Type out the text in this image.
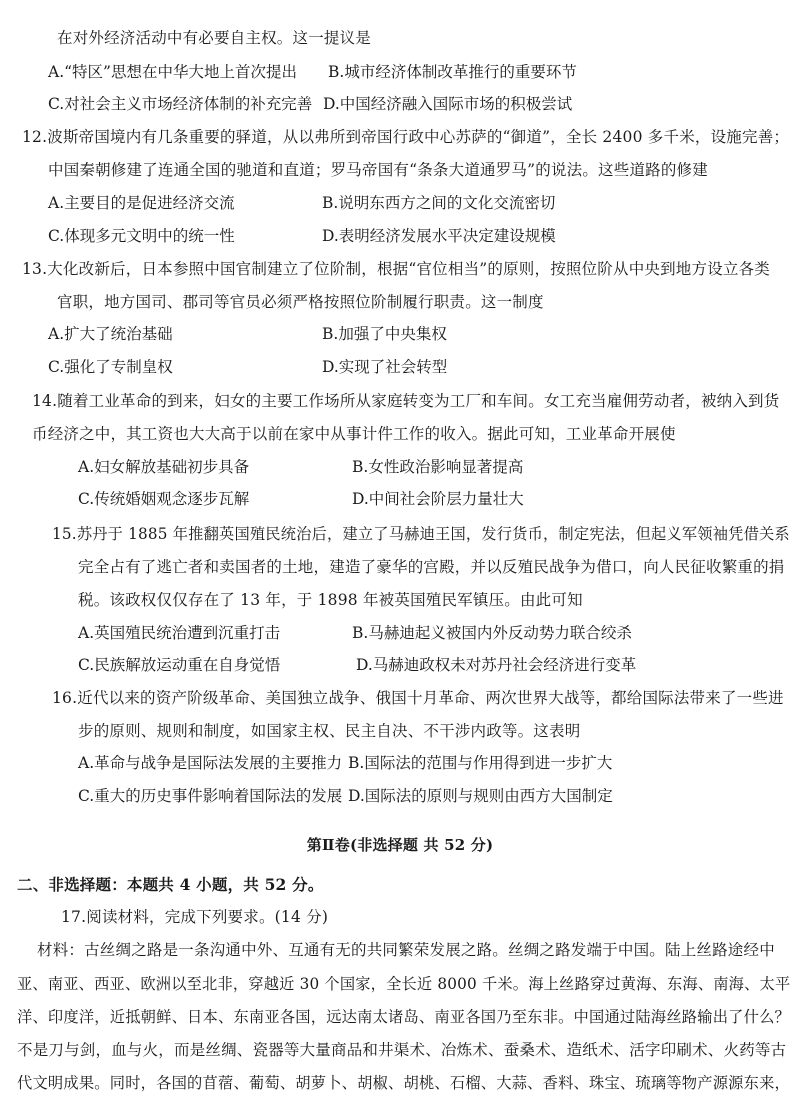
在对外经济活动中有必要自主权。这一提议是
A.“特区”思想在中华大地上首次提出 B.城市经济体制改革推行的重要环节
C.对社会主义市场经济体制的补充完善 D.中国经济融入国际市场的积极尝试
12.波斯帝国境内有几条重要的驿道，从以弗所到帝国行政中心苏萨的“御道”，全长 2400 多千米，设施完善；
中国秦朝修建了连通全国的驰道和直道；罗马帝国有“条条大道通罗马”的说法。这些道路的修建
A.主要目的是促进经济交流	B.说明东西方之间的文化交流密切
C.体现多元文明中的统一性	D.表明经济发展水平决定建设规模
13.大化改新后，日本参照中国官制建立了位阶制，根据“官位相当”的原则，按照位阶从中央到地方设立各类
官职，地方国司、郡司等官员必须严格按照位阶制履行职责。这一制度
A.扩大了统治基础	B.加强了中央集权
C.强化了专制皇权	D.实现了社会转型
14.随着工业革命的到来，妇女的主要工作场所从家庭转变为工厂和车间。女工充当雇佣劳动者，被纳入到货
币经济之中，其工资也大大高于以前在家中从事计件工作的收入。据此可知，工业革命开展使
A.妇女解放基础初步具备	B.女性政治影响显著提高
C.传统婚姻观念逐步瓦解	D.中间社会阶层力量壮大
15.苏丹于 1885 年推翻英国殖民统治后，建立了马赫迪王国，发行货币，制定宪法，但起义军领袖凭借关系
完全占有了逃亡者和卖国者的土地，建造了豪华的宫殿，并以反殖民战争为借口，向人民征收繁重的捐
税。该政权仅仅存在了 13 年，于 1898 年被英国殖民军镇压。由此可知
A.英国殖民统治遭到沉重打击	B.马赫迪起义被国内外反动势力联合绞杀
C.民族解放运动重在自身觉悟	D.马赫迪政权未对苏丹社会经济进行变革
16.近代以来的资产阶级革命、美国独立战争、俄国十月革命、两次世界大战等，都给国际法带来了一些进
步的原则、规则和制度，如国家主权、民主自决、不干涉内政等。这表明
A.革命与战争是国际法发展的主要推力 B.国际法的范围与作用得到进一步扩大
C.重大的历史事件影响着国际法的发展 D.国际法的原则与规则由西方大国制定
第Ⅱ卷(非选择题 共 52 分)
二、非选择题：本题共 4 小题，共 52 分。
17.阅读材料，完成下列要求。(14 分)
材料：古丝绸之路是一条沟通中外、互通有无的共同繁荣发展之路。丝绸之路发端于中国。陆上丝路途经中
亚、南亚、西亚、欧洲以至北非，穿越近 30 个国家，全长近 8000 千米。海上丝路穿过黄海、东海、南海、太平
洋、印度洋，近抵朝鲜、日本、东南亚各国，远达南太诸岛、南亚各国乃至东非。中国通过陆海丝路输出了什么？
不是刀与剑，血与火，而是丝绸、瓷器等大量商品和井渠术、冶炼术、蚕桑术、造纸术、活字印刷术、火药等古
代文明成果。同时，各国的苜蓿、葡萄、胡萝卜、胡椒、胡桃、石榴、大蒜、香料、珠宝、琉璃等物产源源东来，
